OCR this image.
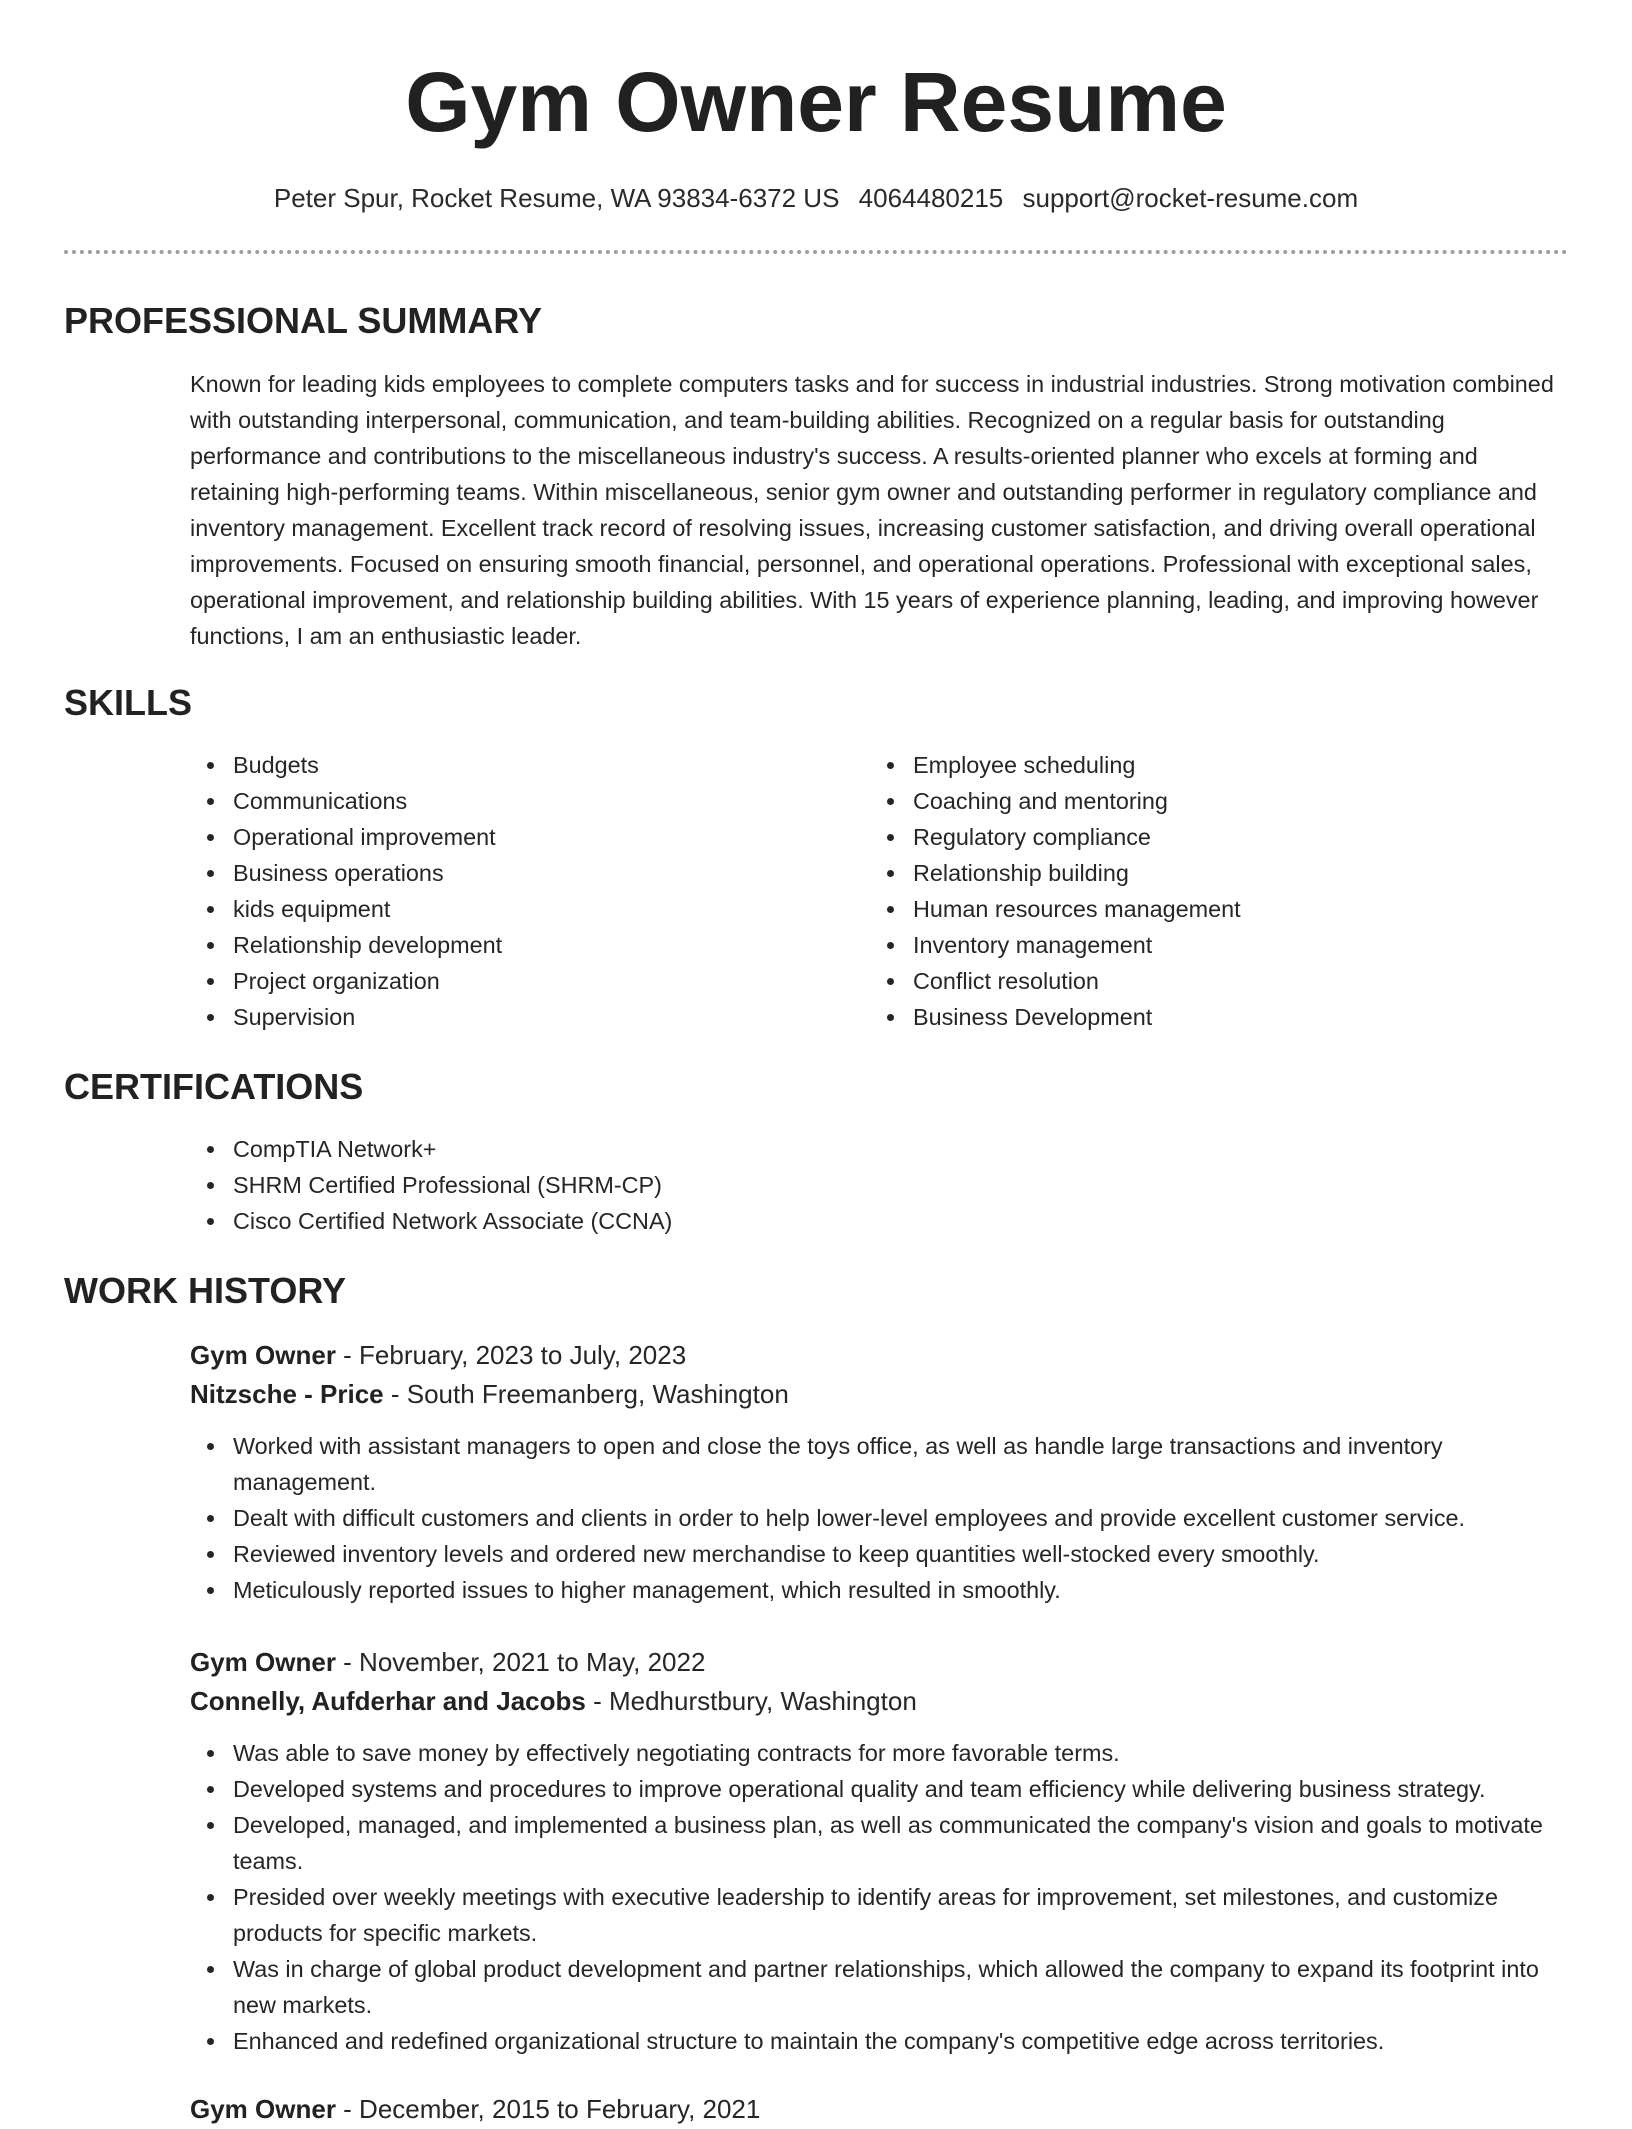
Gym Owner Resume
Peter Spur, Rocket Resume, WA 93834-6372 US 4064480215 support@rocket-resume.com
PROFESSIONAL SUMMARY
Known for leading kids employees to complete computers tasks and for success in industrial industries. Strong motivation combined with outstanding interpersonal, communication, and team-building abilities. Recognized on a regular basis for outstanding performance and contributions to the miscellaneous industry's success. A results-oriented planner who excels at forming and retaining high-performing teams. Within miscellaneous, senior gym owner and outstanding performer in regulatory compliance and inventory management. Excellent track record of resolving issues, increasing customer satisfaction, and driving overall operational improvements. Focused on ensuring smooth financial, personnel, and operational operations. Professional with exceptional sales, operational improvement, and relationship building abilities. With 15 years of experience planning, leading, and improving however functions, I am an enthusiastic leader.
SKILLS
Budgets
Communications
Operational improvement
Business operations
kids equipment
Relationship development
Project organization
Supervision
Employee scheduling
Coaching and mentoring
Regulatory compliance
Relationship building
Human resources management
Inventory management
Conflict resolution
Business Development
CERTIFICATIONS
CompTIA Network+
SHRM Certified Professional (SHRM-CP)
Cisco Certified Network Associate (CCNA)
WORK HISTORY
Gym Owner - February, 2023 to July, 2023
Nitzsche - Price - South Freemanberg, Washington
Worked with assistant managers to open and close the toys office, as well as handle large transactions and inventory management.
Dealt with difficult customers and clients in order to help lower-level employees and provide excellent customer service.
Reviewed inventory levels and ordered new merchandise to keep quantities well-stocked every smoothly.
Meticulously reported issues to higher management, which resulted in smoothly.
Gym Owner - November, 2021 to May, 2022
Connelly, Aufderhar and Jacobs - Medhurstbury, Washington
Was able to save money by effectively negotiating contracts for more favorable terms.
Developed systems and procedures to improve operational quality and team efficiency while delivering business strategy.
Developed, managed, and implemented a business plan, as well as communicated the company's vision and goals to motivate teams.
Presided over weekly meetings with executive leadership to identify areas for improvement, set milestones, and customize products for specific markets.
Was in charge of global product development and partner relationships, which allowed the company to expand its footprint into new markets.
Enhanced and redefined organizational structure to maintain the company's competitive edge across territories.
Gym Owner - December, 2015 to February, 2021
